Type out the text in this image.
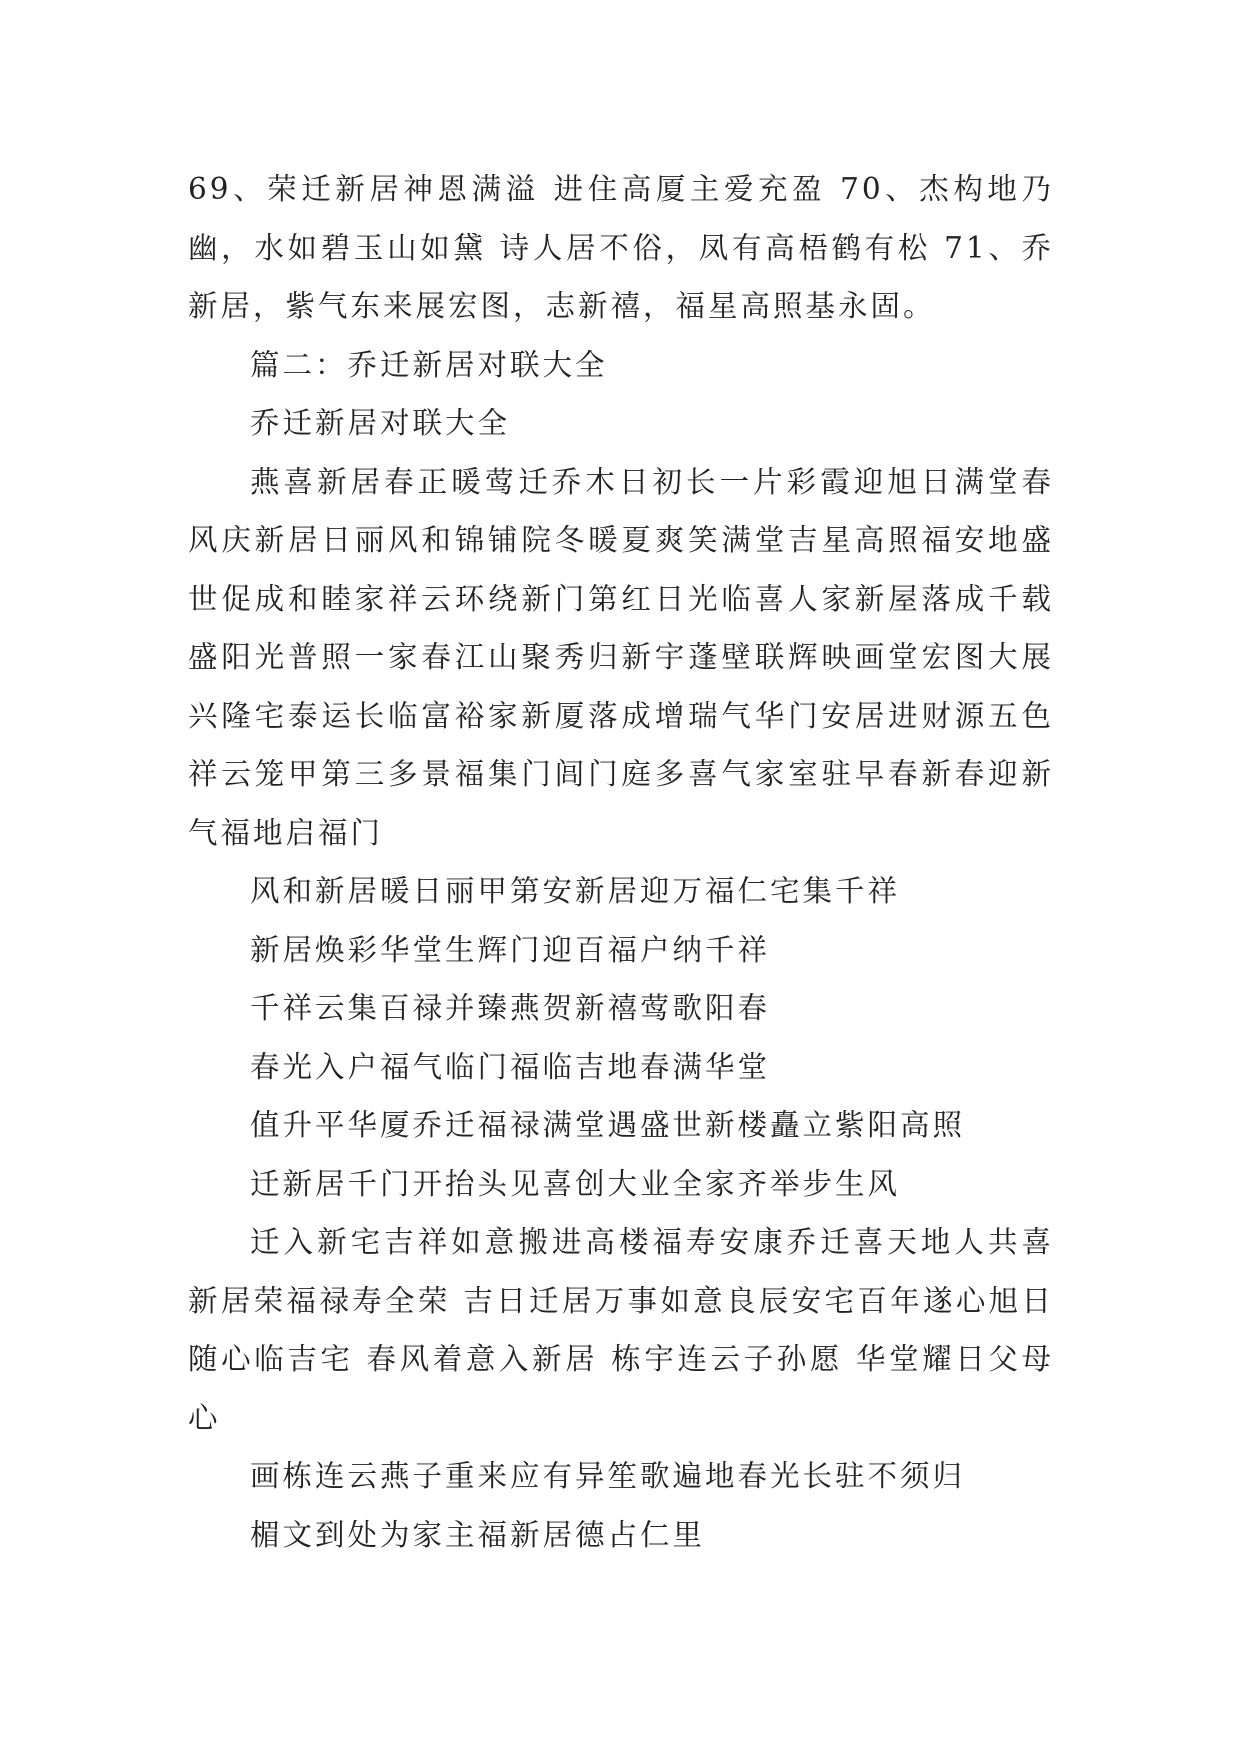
69、荣迁新居神恩满溢 进住高厦主爱充盈 70、杰构地乃幽，水如碧玉山如黛 诗人居不俗，凤有高梧鹤有松 71、乔新居，紫气东来展宏图，志新禧，福星高照基永固。

篇二：乔迁新居对联大全

乔迁新居对联大全

燕喜新居春正暖莺迁乔木日初长一片彩霞迎旭日满堂春风庆新居日丽风和锦铺院冬暖夏爽笑满堂吉星高照福安地盛世促成和睦家祥云环绕新门第红日光临喜人家新屋落成千载盛阳光普照一家春江山聚秀归新宇蓬壁联辉映画堂宏图大展兴隆宅泰运长临富裕家新厦落成增瑞气华门安居进财源五色祥云笼甲第三多景福集门闾门庭多喜气家室驻早春新春迎新气福地启福门

风和新居暖日丽甲第安新居迎万福仁宅集千祥

新居焕彩华堂生辉门迎百福户纳千祥

千祥云集百禄并臻燕贺新禧莺歌阳春

春光入户福气临门福临吉地春满华堂

值升平华厦乔迁福禄满堂遇盛世新楼矗立紫阳高照

迁新居千门开抬头见喜创大业全家齐举步生风

迁入新宅吉祥如意搬进高楼福寿安康乔迁喜天地人共喜新居荣福禄寿全荣 吉日迁居万事如意良辰安宅百年遂心旭日随心临吉宅 春风着意入新居 栋宇连云子孙愿 华堂耀日父母心

画栋连云燕子重来应有异笙歌遍地春光长驻不须归

楣文到处为家主福新居德占仁里
